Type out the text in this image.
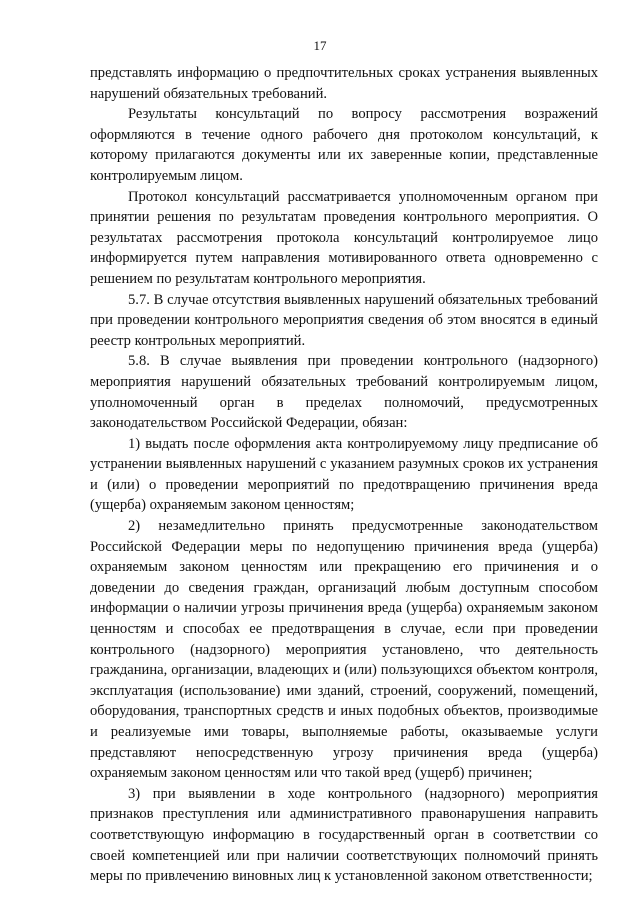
17

представлять информацию о предпочтительных сроках устранения выявленных нарушений обязательных требований.

Результаты консультаций по вопросу рассмотрения возражений оформляются в течение одного рабочего дня протоколом консультаций, к которому прилагаются документы или их заверенные копии, представленные контролируемым лицом.

Протокол консультаций рассматривается уполномоченным органом при принятии решения по результатам проведения контрольного мероприятия. О результатах рассмотрения протокола консультаций контролируемое лицо информируется путем направления мотивированного ответа одновременно с решением по результатам контрольного мероприятия.

5.7. В случае отсутствия выявленных нарушений обязательных требований при проведении контрольного мероприятия сведения об этом вносятся в единый реестр контрольных мероприятий.

5.8. В случае выявления при проведении контрольного (надзорного) мероприятия нарушений обязательных требований контролируемым лицом, уполномоченный орган в пределах полномочий, предусмотренных законодательством Российской Федерации, обязан:

1) выдать после оформления акта контролируемому лицу предписание об устранении выявленных нарушений с указанием разумных сроков их устранения и (или) о проведении мероприятий по предотвращению причинения вреда (ущерба) охраняемым законом ценностям;

2) незамедлительно принять предусмотренные законодательством Российской Федерации меры по недопущению причинения вреда (ущерба) охраняемым законом ценностям или прекращению его причинения и о доведении до сведения граждан, организаций любым доступным способом информации о наличии угрозы причинения вреда (ущерба) охраняемым законом ценностям и способах ее предотвращения в случае, если при проведении контрольного (надзорного) мероприятия установлено, что деятельность гражданина, организации, владеющих и (или) пользующихся объектом контроля, эксплуатация (использование) ими зданий, строений, сооружений, помещений, оборудования, транспортных средств и иных подобных объектов, производимые и реализуемые ими товары, выполняемые работы, оказываемые услуги представляют непосредственную угрозу причинения вреда (ущерба) охраняемым законом ценностям или что такой вред (ущерб) причинен;

3) при выявлении в ходе контрольного (надзорного) мероприятия признаков преступления или административного правонарушения направить соответствующую информацию в государственный орган в соответствии со своей компетенцией или при наличии соответствующих полномочий принять меры по привлечению виновных лиц к установленной законом ответственности;
